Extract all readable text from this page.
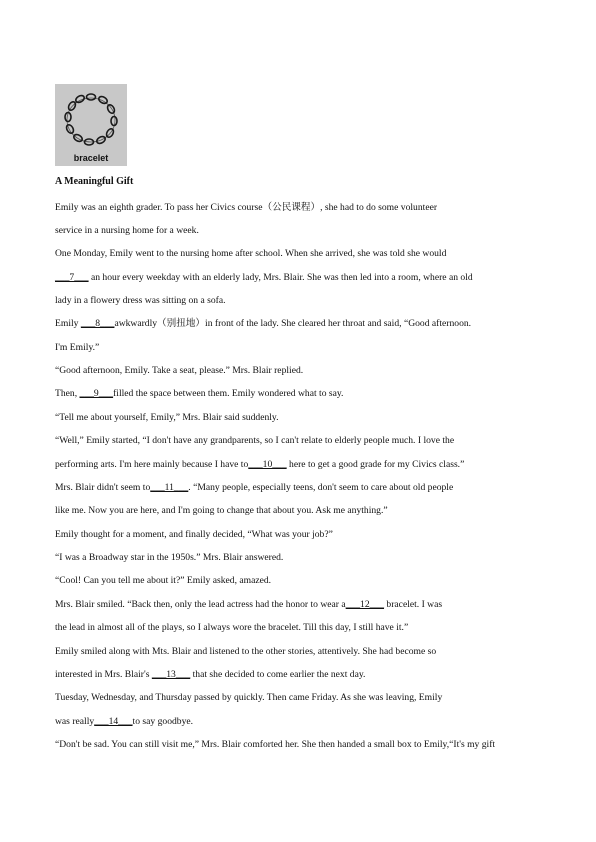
bracelet
A Meaningful Gift
Emily was an eighth grader. To pass her Civics course（公民课程）, she had to do some volunteer
service in a nursing home for a week.
One Monday, Emily went to the nursing home after school. When she arrived, she was told she would
___7___ an hour every weekday with an elderly lady, Mrs. Blair. She was then led into a room, where an old
lady in a flowery dress was sitting on a sofa.
Emily ___8___awkwardly（别扭地）in front of the lady. She cleared her throat and said, “Good afternoon.
I'm Emily.”
“Good afternoon, Emily. Take a seat, please.” Mrs. Blair replied.
Then, ___9___filled the space between them. Emily wondered what to say.
“Tell me about yourself, Emily,” Mrs. Blair said suddenly.
“Well,” Emily started, “I don't have any grandparents, so I can't relate to elderly people much. I love the
performing arts. I'm here mainly because I have to___10___ here to get a good grade for my Civics class.”
Mrs. Blair didn't seem to___11___. “Many people, especially teens, don't seem to care about old people
like me. Now you are here, and I'm going to change that about you. Ask me anything.”
Emily thought for a moment, and finally decided, “What was your job?”
“I was a Broadway star in the 1950s.” Mrs. Blair answered.
“Cool! Can you tell me about it?” Emily asked, amazed.
Mrs. Blair smiled. “Back then, only the lead actress had the honor to wear a___12___ bracelet. I was
the lead in almost all of the plays, so I always wore the bracelet. Till this day, I still have it.”
Emily smiled along with Mts. Blair and listened to the other stories, attentively. She had become so
interested in Mrs. Blair's ___13___ that she decided to come earlier the next day.
Tuesday, Wednesday, and Thursday passed by quickly. Then came Friday. As she was leaving, Emily
was really___14___to say goodbye.
“Don't be sad. You can still visit me,” Mrs. Blair comforted her. She then handed a small box to Emily,“It's my gift
